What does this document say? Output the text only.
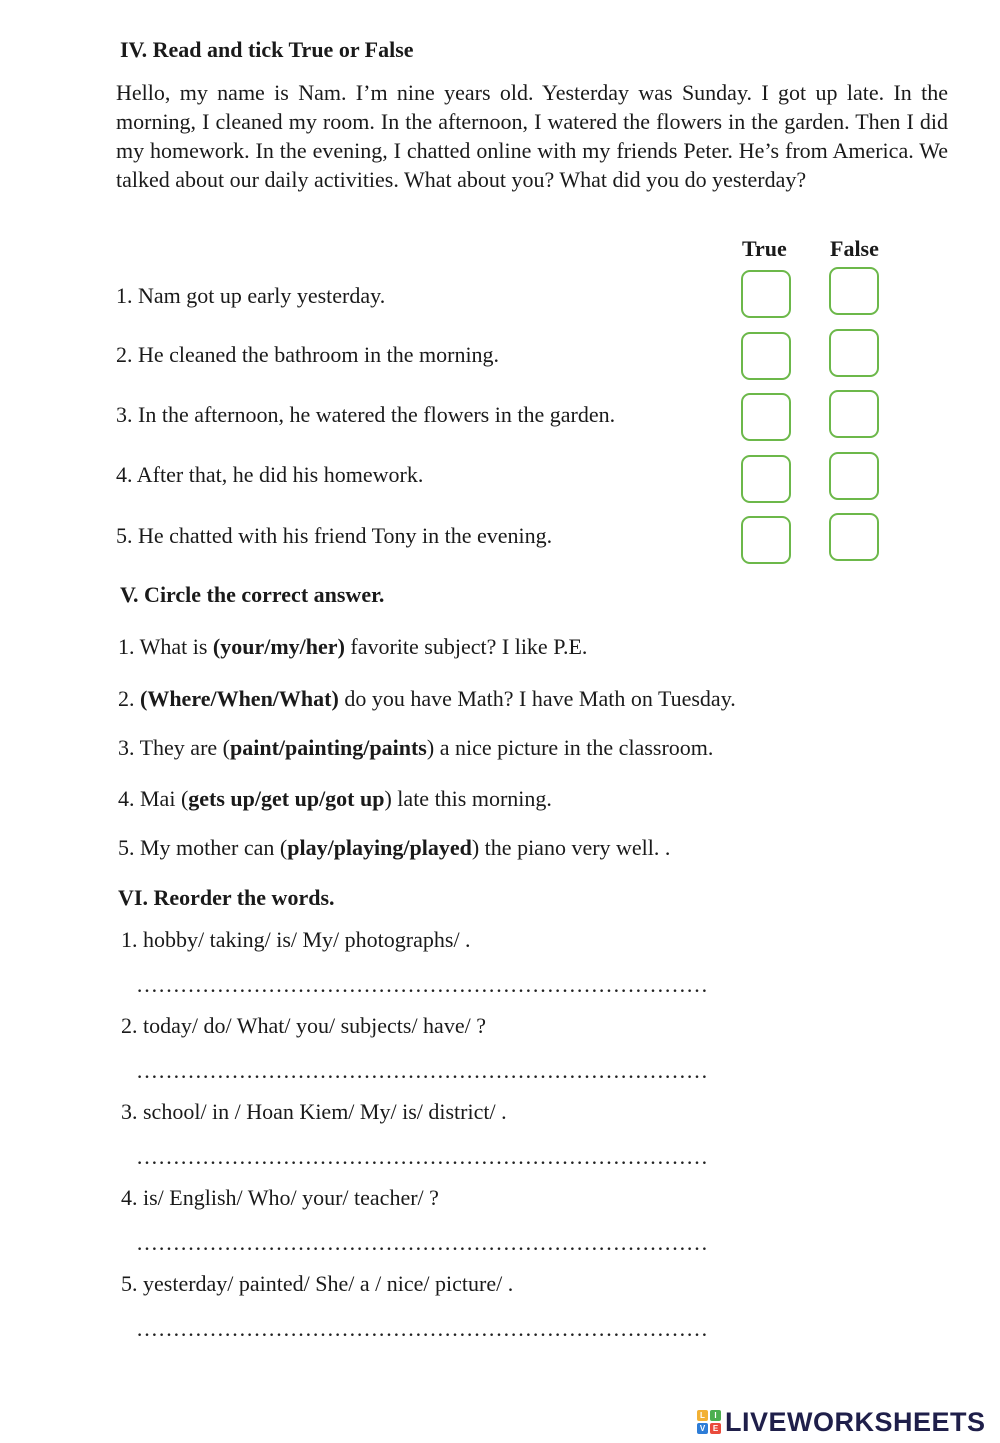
IV. Read and tick True or False
Hello, my name is Nam. I’m nine years old. Yesterday was Sunday. I got up late. In the morning, I cleaned my room. In the afternoon, I watered the flowers in the garden. Then I did my homework. In the evening, I chatted online with my friends Peter. He’s from America. We talked about our daily activities. What about you? What did you do yesterday?
True False
1. Nam got up early yesterday.
2. He cleaned the bathroom in the morning.
3. In the afternoon, he watered the flowers in the garden.
4. After that, he did his homework.
5. He chatted with his friend Tony in the evening.
V. Circle the correct answer.
1. What is (your/my/her) favorite subject? I like P.E.
2. (Where/When/What) do you have Math? I have Math on Tuesday.
3. They are (paint/painting/paints) a nice picture in the classroom.
4. Mai (gets up/get up/got up) late this morning.
5. My mother can (play/playing/played) the piano very well. .
VI. Reorder the words.
1. hobby/ taking/ is/ My/ photographs/ .
……………………………………………………………………
2. today/ do/ What/ you/ subjects/ have/ ?
……………………………………………………………………
3. school/ in / Hoan Kiem/ My/ is/ district/ .
……………………………………………………………………
4. is/ English/ Who/ your/ teacher/ ?
……………………………………………………………………
5. yesterday/ painted/ She/ a / nice/ picture/ .
……………………………………………………………………
L	I
V E LIVEWORKSHEETS
